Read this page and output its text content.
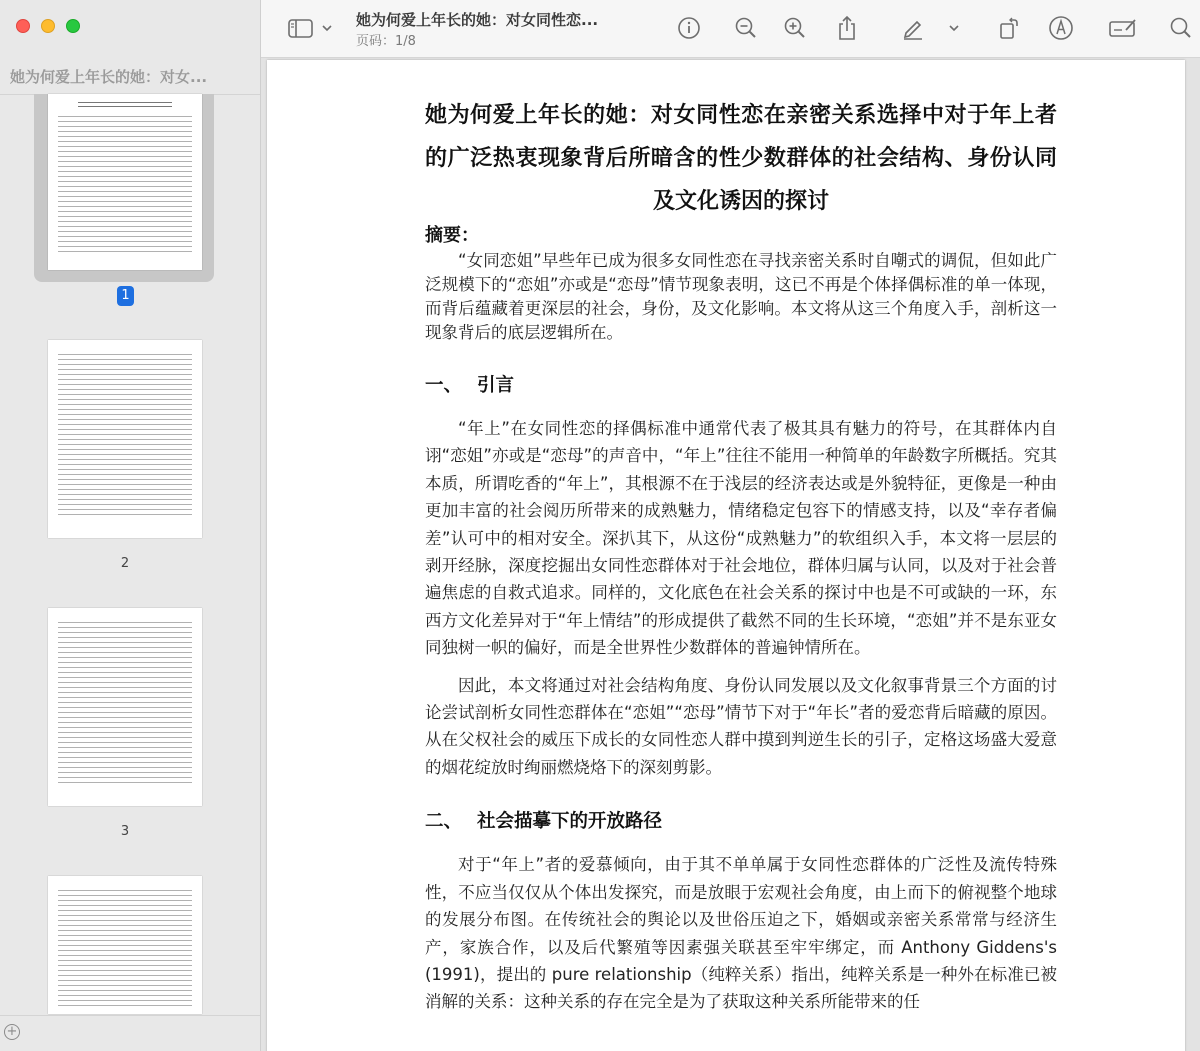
她为何爱上年长的她：对女...
1
2
3
+
她为何爱上年长的她：对女同性恋...
页码：1/8
她为何爱上年长的她：对女同性恋在亲密关系选择中对于年上者的广泛热衷现象背后所暗含的性少数群体的社会结构、身份认同及文化诱因的探讨
摘要：
“女同恋姐”早些年已成为很多女同性恋在寻找亲密关系时自嘲式的调侃，但如此广泛规模下的“恋姐”亦或是“恋母”情节现象表明，这已不再是个体择偶标准的单一体现，而背后蕴藏着更深层的社会，身份，及文化影响。本文将从这三个角度入手，剖析这一现象背后的底层逻辑所在。
一、 引言
“年上”在女同性恋的择偶标准中通常代表了极其具有魅力的符号，在其群体内自诩“恋姐”亦或是“恋母”的声音中，“年上”往往不能用一种简单的年龄数字所概括。究其本质，所谓吃香的“年上”，其根源不在于浅层的经济表达或是外貌特征，更像是一种由更加丰富的社会阅历所带来的成熟魅力，情绪稳定包容下的情感支持，以及“幸存者偏差”认可中的相对安全。深扒其下，从这份“成熟魅力”的软组织入手，本文将一层层的剥开经脉，深度挖掘出女同性恋群体对于社会地位，群体归属与认同，以及对于社会普遍焦虑的自救式追求。同样的，文化底色在社会关系的探讨中也是不可或缺的一环，东西方文化差异对于“年上情结”的形成提供了截然不同的生长环境，“恋姐”并不是东亚女同独树一帜的偏好，而是全世界性少数群体的普遍钟情所在。
因此，本文将通过对社会结构角度、身份认同发展以及文化叙事背景三个方面的讨论尝试剖析女同性恋群体在“恋姐”“恋母”情节下对于“年长”者的爱恋背后暗藏的原因。从在父权社会的威压下成长的女同性恋人群中摸到判逆生长的引子，定格这场盛大爱意的烟花绽放时绚丽燃烧烙下的深刻剪影。
二、 社会描摹下的开放路径
对于“年上”者的爱慕倾向，由于其不单单属于女同性恋群体的广泛性及流传特殊性，不应当仅仅从个体出发探究，而是放眼于宏观社会角度，由上而下的俯视整个地球的发展分布图。在传统社会的舆论以及世俗压迫之下，婚姻或亲密关系常常与经济生产，家族合作，以及后代繁殖等因素强关联甚至牢牢绑定，而 Anthony Giddens's (1991)，提出的 pure relationship（纯粹关系）指出，纯粹关系是一种外在标准已被消解的关系：这种关系的存在完全是为了获取这种关系所能带来的任
